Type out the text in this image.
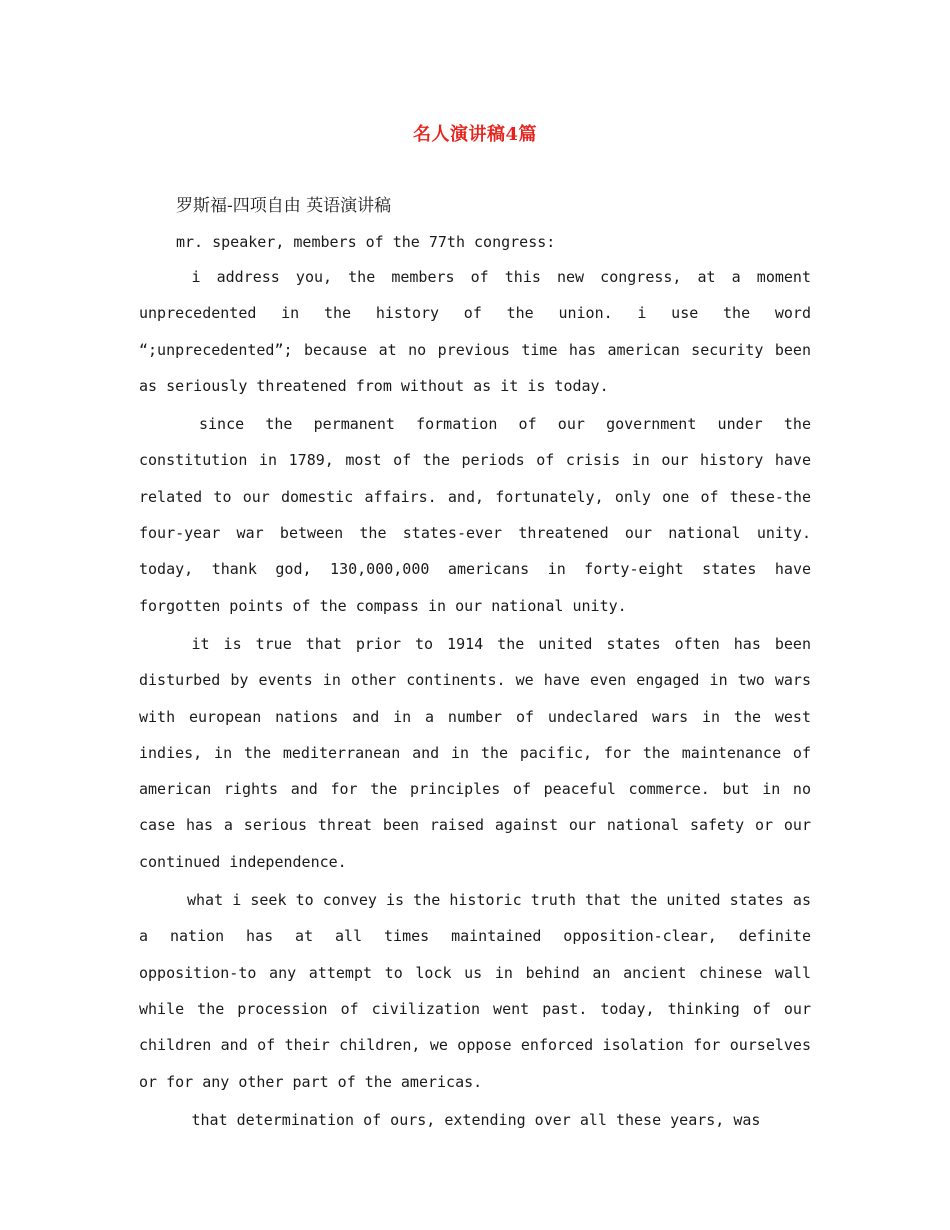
名人演讲稿4篇

罗斯福-四项自由 英语演讲稿

mr. speaker, members of the 77th congress:

i address you, the members of this new congress, at a moment unprecedented in the history of the union. i use the word “;unprecedented”; because at no previous time has american security been as seriously threatened from without as it is today.

since the permanent formation of our government under the constitution in 1789, most of the periods of crisis in our history have related to our domestic affairs. and, fortunately, only one of these-the four-year war between the states-ever threatened our national unity. today, thank god, 130,000,000 americans in forty-eight states have forgotten points of the compass in our national unity.

it is true that prior to 1914 the united states often has been disturbed by events in other continents. we have even engaged in two wars with european nations and in a number of undeclared wars in the west indies, in the mediterranean and in the pacific, for the maintenance of american rights and for the principles of peaceful commerce. but in no case has a serious threat been raised against our national safety or our continued independence.

what i seek to convey is the historic truth that the united states as a nation has at all times maintained opposition-clear, definite opposition-to any attempt to lock us in behind an ancient chinese wall while the procession of civilization went past. today, thinking of our children and of their children, we oppose enforced isolation for ourselves or for any other part of the americas.

that determination of ours, extending over all these years, was
